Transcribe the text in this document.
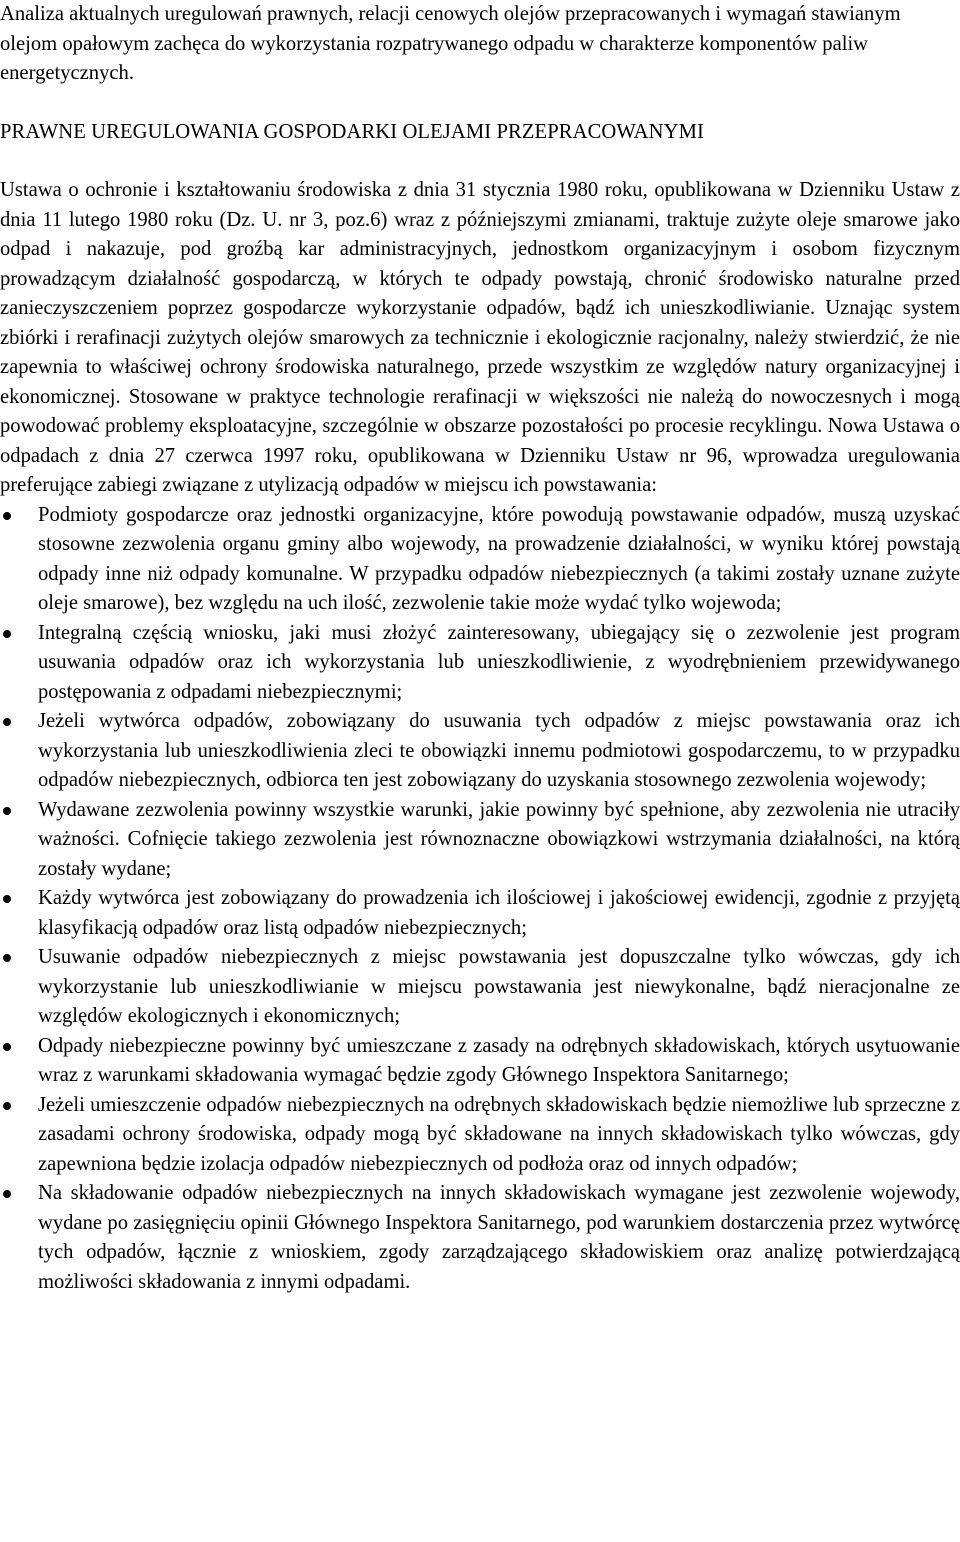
Analiza aktualnych uregulowań prawnych, relacji cenowych olejów przepracowanych i wymagań stawianym olejom opałowym zachęca do wykorzystania rozpatrywanego odpadu w charakterze komponentów paliw energetycznych.

PRAWNE UREGULOWANIA GOSPODARKI OLEJAMI PRZEPRACOWANYMI

Ustawa o ochronie i kształtowaniu środowiska z dnia 31 stycznia 1980 roku, opublikowana w Dzienniku Ustaw z dnia 11 lutego 1980 roku (Dz. U. nr 3, poz.6) wraz z późniejszymi zmianami, traktuje zużyte oleje smarowe jako odpad i nakazuje, pod groźbą kar administracyjnych, jednostkom organizacyjnym i osobom fizycznym prowadzącym działalność gospodarczą, w których te odpady powstają, chronić środowisko naturalne przed zanieczyszczeniem poprzez gospodarcze wykorzystanie odpadów, bądź ich unieszkodliwianie. Uznając system zbiórki i rerafinacji zużytych olejów smarowych za technicznie i ekologicznie racjonalny, należy stwierdzić, że nie zapewnia to właściwej ochrony środowiska naturalnego, przede wszystkim ze względów natury organizacyjnej i ekonomicznej. Stosowane w praktyce technologie rerafinacji w większości nie należą do nowoczesnych i mogą powodować problemy eksploatacyjne, szczególnie w obszarze pozostałości po procesie recyklingu. Nowa Ustawa o odpadach z dnia 27 czerwca 1997 roku, opublikowana w Dzienniku Ustaw nr 96, wprowadza uregulowania preferujące zabiegi związane z utylizacją odpadów w miejscu ich powstawania:

Podmioty gospodarcze oraz jednostki organizacyjne, które powodują powstawanie odpadów, muszą uzyskać stosowne zezwolenia organu gminy albo wojewody, na prowadzenie działalności, w wyniku której powstają odpady inne niż odpady komunalne. W przypadku odpadów niebezpiecznych (a takimi zostały uznane zużyte oleje smarowe), bez względu na uch ilość, zezwolenie takie może wydać tylko wojewoda;
Integralną częścią wniosku, jaki musi złożyć zainteresowany, ubiegający się o zezwolenie jest program usuwania odpadów oraz ich wykorzystania lub unieszkodliwienie, z wyodrębnieniem przewidywanego postępowania z odpadami niebezpiecznymi;
Jeżeli wytwórca odpadów, zobowiązany do usuwania tych odpadów z miejsc powstawania oraz ich wykorzystania lub unieszkodliwienia zleci te obowiązki innemu podmiotowi gospodarczemu, to w przypadku odpadów niebezpiecznych, odbiorca ten jest zobowiązany do uzyskania stosownego zezwolenia wojewody;
Wydawane zezwolenia powinny wszystkie warunki, jakie powinny być spełnione, aby zezwolenia nie utraciły ważności. Cofnięcie takiego zezwolenia jest równoznaczne obowiązkowi wstrzymania działalności, na którą zostały wydane;
Każdy wytwórca jest zobowiązany do prowadzenia ich ilościowej i jakościowej ewidencji, zgodnie z przyjętą klasyfikacją odpadów oraz listą odpadów niebezpiecznych;
Usuwanie odpadów niebezpiecznych z miejsc powstawania jest dopuszczalne tylko wówczas, gdy ich wykorzystanie lub unieszkodliwianie w miejscu powstawania jest niewykonalne, bądź nieracjonalne ze względów ekologicznych i ekonomicznych;
Odpady niebezpieczne powinny być umieszczane z zasady na odrębnych składowiskach, których usytuowanie wraz z warunkami składowania wymagać będzie zgody Głównego Inspektora Sanitarnego;
Jeżeli umieszczenie odpadów niebezpiecznych na odrębnych składowiskach będzie niemożliwe lub sprzeczne z zasadami ochrony środowiska, odpady mogą być składowane na innych składowiskach tylko wówczas, gdy zapewniona będzie izolacja odpadów niebezpiecznych od podłoża oraz od innych odpadów;
Na składowanie odpadów niebezpiecznych na innych składowiskach wymagane jest zezwolenie wojewody, wydane po zasięgnięciu opinii Głównego Inspektora Sanitarnego, pod warunkiem dostarczenia przez wytwórcę tych odpadów, łącznie z wnioskiem, zgody zarządzającego składowiskiem oraz analizę potwierdzającą możliwości składowania z innymi odpadami.
